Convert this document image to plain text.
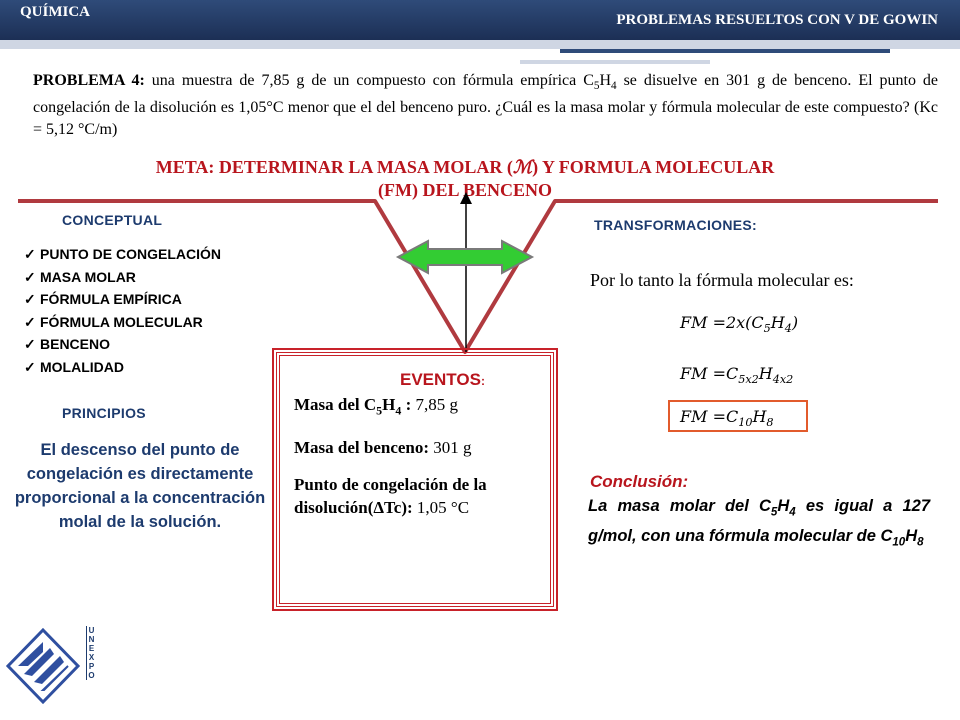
QUÍMICA	PROBLEMAS RESUELTOS CON V DE GOWIN
PROBLEMA 4: una muestra de 7,85 g de un compuesto con fórmula empírica $C_5H_4$ se disuelve en 301 g de benceno. El punto de congelación de la disolución es 1,05°C menor que el del benceno puro. ¿Cuál es la masa molar y fórmula molecular de este compuesto? (Kc = 5,12 °C/m)
META: DETERMINAR LA MASA MOLAR (ℳ) Y FORMULA MOLECULAR
(FM) DEL BENCENO
CONCEPTUAL
✓ PUNTO DE CONGELACIÓN
✓ MASA MOLAR
✓ FÓRMULA EMPÍRICA
✓ FÓRMULA MOLECULAR
✓ BENCENO
✓ MOLALIDAD
PRINCIPIOS
El descenso del punto de congelación es directamente proporcional a la concentración molal de la solución.
EVENTOS:

Masa del $C_5H_4$ : 7,85 g

Masa del benceno: 301 g

Punto de congelación de la disolución(ΔTc): 1,05 °C

TRANSFORMACIONES:
Por lo tanto la fórmula molecular es:
FM $=2x(C_5H_4)$
FM $=C_{5x2}H_{4x2}$
FM $=C_{10}H_8$
Conclusión:
La masa molar del $C_5H_4$ es igual a 127 g/mol, con una fórmula molecular de $C_{10}H_8$
UNEXPO
